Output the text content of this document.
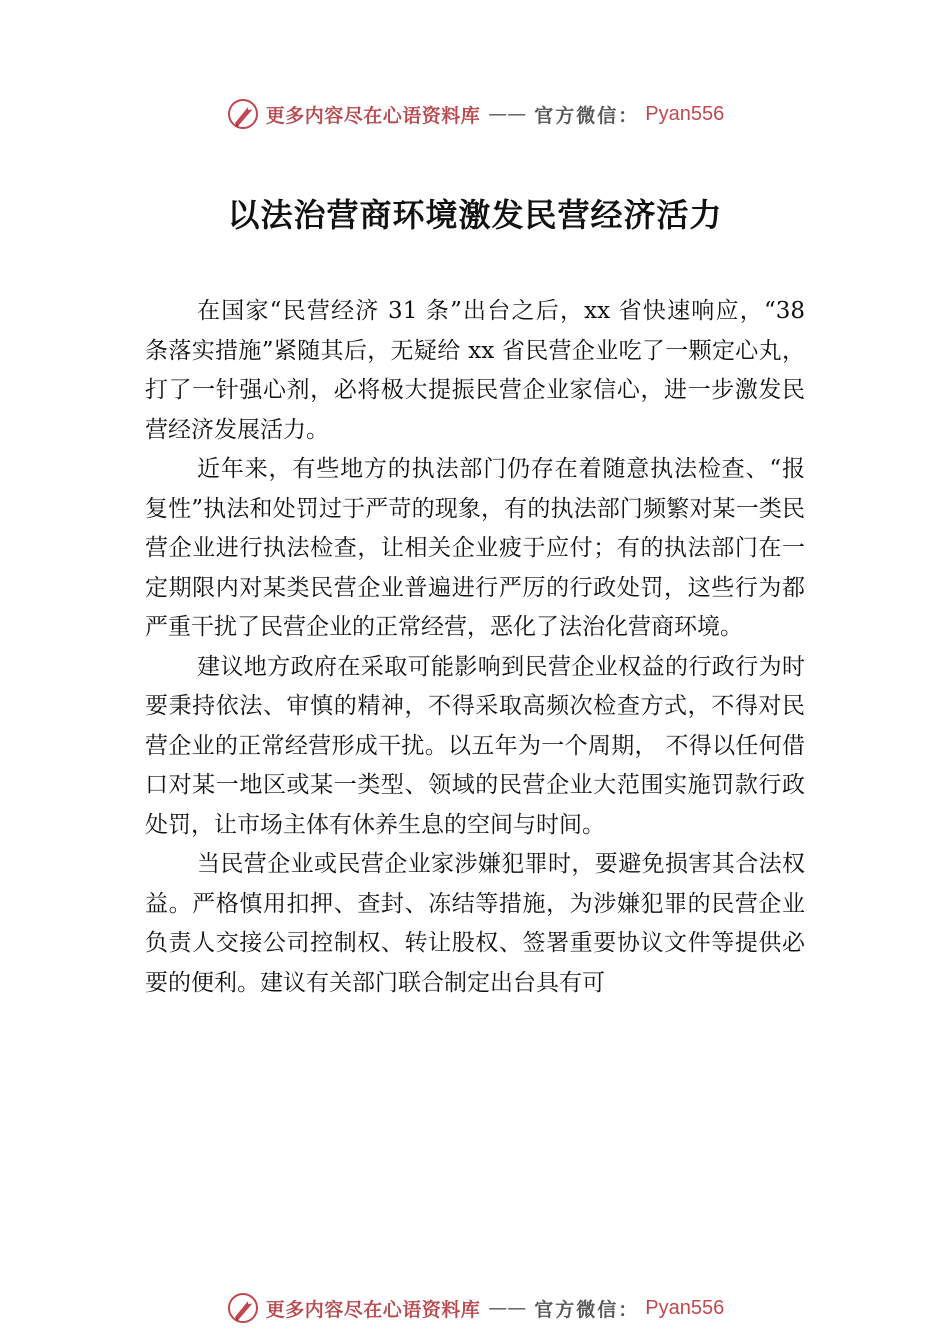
更多内容尽在心语资料库 —— 官方微信： Pyan556
以法治营商环境激发民营经济活力

在国家“民营经济 31 条”出台之后，xx 省快速响应，“38 条落实措施”紧随其后，无疑给 xx 省民营企业吃了一颗定心丸，打了一针强心剂，必将极大提振民营企业家信心，进一步激发民营经济发展活力。

近年来，有些地方的执法部门仍存在着随意执法检查、“报复性”执法和处罚过于严苛的现象，有的执法部门频繁对某一类民营企业进行执法检查，让相关企业疲于应付；有的执法部门在一定期限内对某类民营企业普遍进行严厉的行政处罚，这些行为都严重干扰了民营企业的正常经营，恶化了法治化营商环境。

建议地方政府在采取可能影响到民营企业权益的行政行为时要秉持依法、审慎的精神，不得采取高频次检查方式，不得对民营企业的正常经营形成干扰。以五年为一个周期， 不得以任何借口对某一地区或某一类型、领域的民营企业大范围实施罚款行政处罚，让市场主体有休养生息的空间与时间。

当民营企业或民营企业家涉嫌犯罪时，要避免损害其合法权益。严格慎用扣押、查封、冻结等措施，为涉嫌犯罪的民营企业负责人交接公司控制权、转让股权、签署重要协议文件等提供必要的便利。建议有关部门联合制定出台具有可

更多内容尽在心语资料库 —— 官方微信： Pyan556
